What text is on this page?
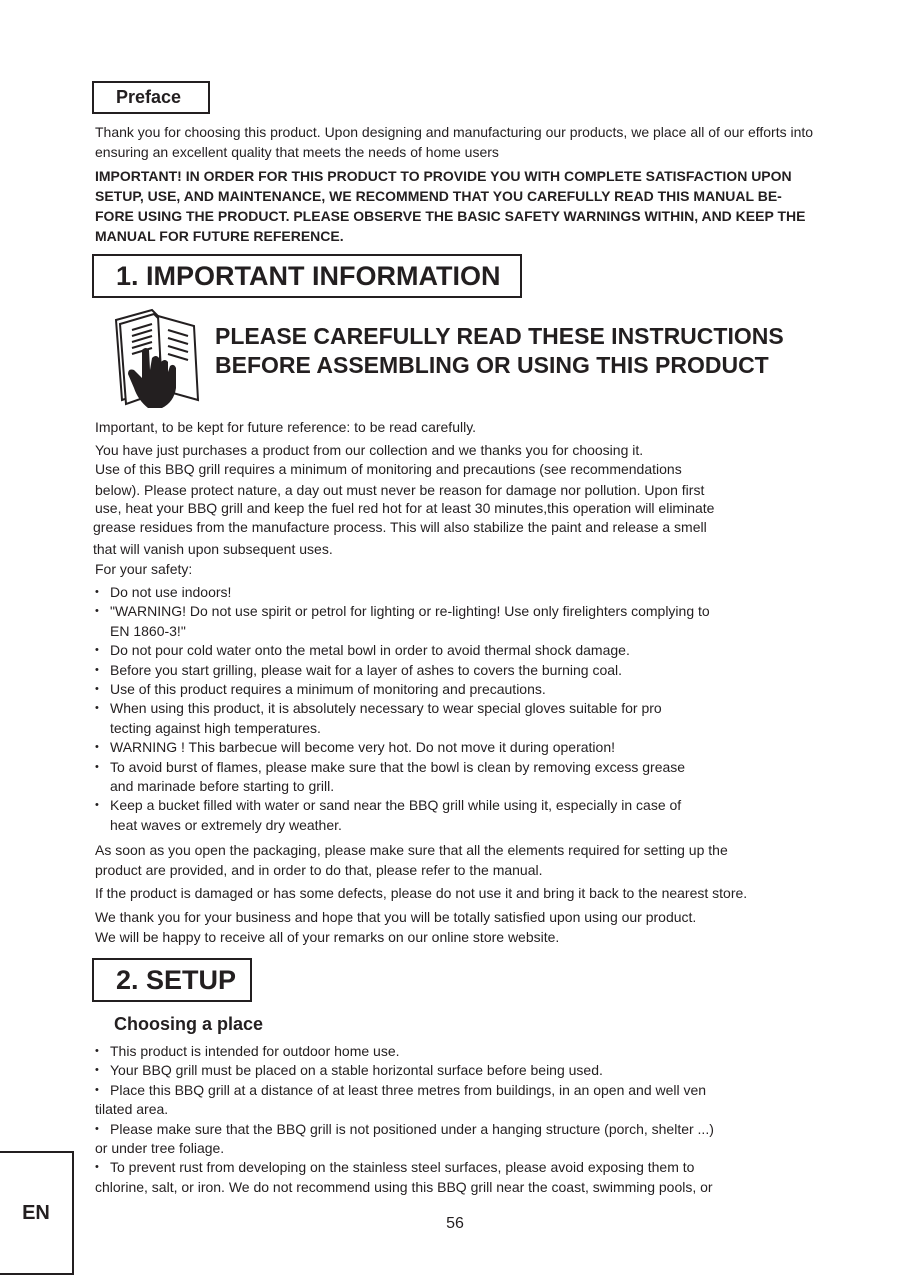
Preface

Thank you for choosing this product. Upon designing and manufacturing our products, we place all of our efforts into ensuring an excellent quality that meets the needs of home users

IMPORTANT! IN ORDER FOR THIS PRODUCT TO PROVIDE YOU WITH COMPLETE SATISFACTION UPON SETUP, USE, AND MAINTENANCE, WE RECOMMEND THAT YOU CAREFULLY READ THIS MANUAL BE-FORE USING THE PRODUCT. PLEASE OBSERVE THE BASIC SAFETY WARNINGS WITHIN, AND KEEP THE MANUAL FOR FUTURE REFERENCE.

1. IMPORTANT INFORMATION
PLEASE CAREFULLY READ THESE INSTRUCTIONS
BEFORE ASSEMBLING OR USING THIS PRODUCT

Important, to be kept for future reference: to be read carefully.

You have just purchases a product from our collection and we thanks you for choosing it.
Use of this BBQ grill requires a minimum of monitoring and precautions (see recommendations
below). Please protect nature, a day out must never be reason for damage nor pollution. Upon first
use, heat your BBQ grill and keep the fuel red hot for at least 30 minutes,this operation will eliminate
grease residues from the manufacture process. This will also stabilize the paint and release a smell
that will vanish upon subsequent uses.

For your safety:

• Do not use indoors!
• "WARNING! Do not use spirit or petrol for lighting or re-lighting! Use only firelighters complying to
EN 1860-3!"
• Do not pour cold water onto the metal bowl in order to avoid thermal shock damage.
• Before you start grilling, please wait for a layer of ashes to covers the burning coal.
• Use of this product requires a minimum of monitoring and precautions.
• When using this product, it is absolutely necessary to wear special gloves suitable for pro
tecting against high temperatures.
• WARNING ! This barbecue will become very hot. Do not move it during operation!
• To avoid burst of flames, please make sure that the bowl is clean by removing excess grease
and marinade before starting to grill.
• Keep a bucket filled with water or sand near the BBQ grill while using it, especially in case of
heat waves or extremely dry weather.
As soon as you open the packaging, please make sure that all the elements required for setting up the
product are provided, and in order to do that, please refer to the manual.

If the product is damaged or has some defects, please do not use it and bring it back to the nearest store.

We thank you for your business and hope that you will be totally satisfied upon using our product.
We will be happy to receive all of your remarks on our online store website.
2. SETUP
Choosing a place
• This product is intended for outdoor home use.
• Your BBQ grill must be placed on a stable horizontal surface before being used.
• Place this BBQ grill at a distance of at least three metres from buildings, in an open and well ven
tilated area.
• Please make sure that the BBQ grill is not positioned under a hanging structure (porch, shelter ...)
or under tree foliage.
• To prevent rust from developing on the stainless steel surfaces, please avoid exposing them to
chlorine, salt, or iron. We do not recommend using this BBQ grill near the coast, swimming pools, or
EN	56
